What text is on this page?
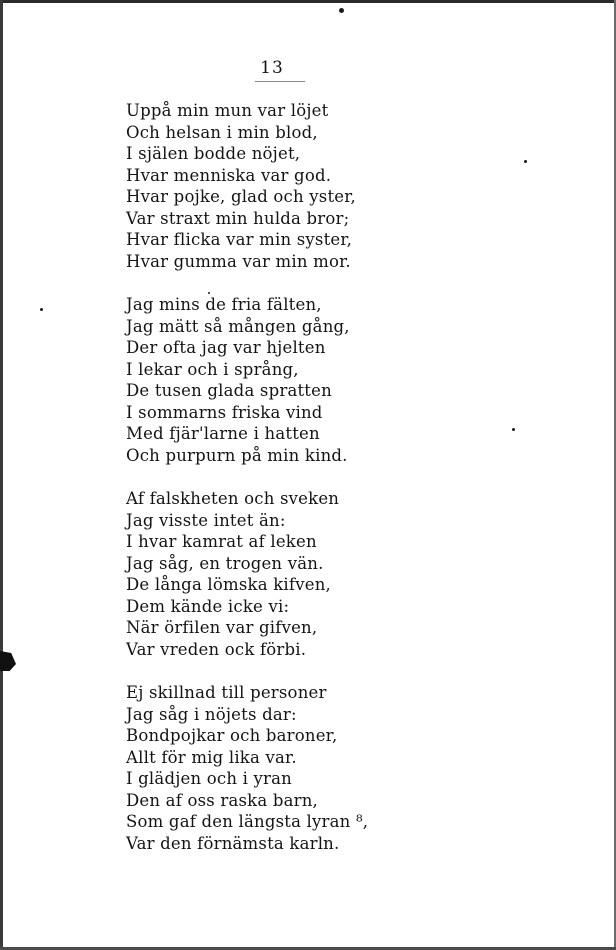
13
Uppå min mun var löjet
Och helsan i min blod,
I själen bodde nöjet,
Hvar menniska var god.
Hvar pojke, glad och yster,
Var straxt min hulda bror;
Hvar flicka var min syster,
Hvar gumma var min mor.
Jag mins de fria fälten,
Jag mätt så mången gång,
Der ofta jag var hjelten
I lekar och i språng,
De tusen glada spratten
I sommarns friska vind
Med fjär'larne i hatten
Och purpurn på min kind.
Af falskheten och sveken
Jag visste intet än:
I hvar kamrat af leken
Jag såg, en trogen vän.
De långa lömska kifven,
Dem kände icke vi:
När örfilen var gifven,
Var vreden ock förbi.
Ej skillnad till personer
Jag såg i nöjets dar:
Bondpojkar och baroner,
Allt för mig lika var.
I glädjen och i yran
Den af oss raska barn,
Som gaf den längsta lyran ⁸,
Var den förnämsta karln.
